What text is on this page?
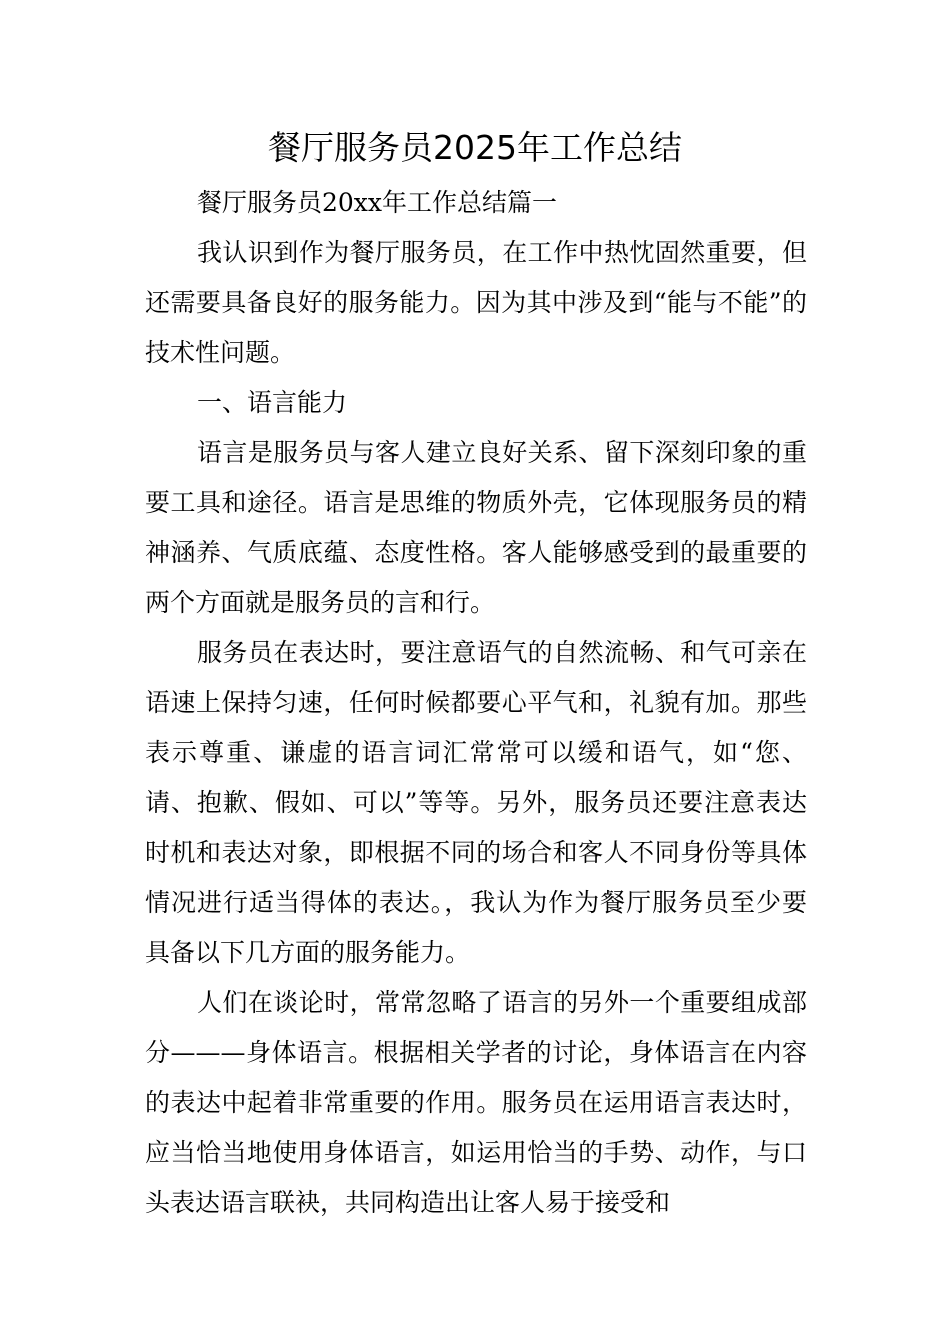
餐厅服务员2025年工作总结

餐厅服务员20xx年工作总结篇一

我认识到作为餐厅服务员，在工作中热忱固然重要，但还需要具备良好的服务能力。因为其中涉及到“能与不能”的技术性问题。

一、语言能力

语言是服务员与客人建立良好关系、留下深刻印象的重要工具和途径。语言是思维的物质外壳，它体现服务员的精神涵养、气质底蕴、态度性格。客人能够感受到的最重要的两个方面就是服务员的言和行。

服务员在表达时，要注意语气的自然流畅、和气可亲在语速上保持匀速，任何时候都要心平气和，礼貌有加。那些表示尊重、谦虚的语言词汇常常可以缓和语气，如“您、请、抱歉、假如、可以”等等。另外，服务员还要注意表达时机和表达对象，即根据不同的场合和客人不同身份等具体情况进行适当得体的表达。，我认为作为餐厅服务员至少要具备以下几方面的服务能力。

人们在谈论时，常常忽略了语言的另外一个重要组成部分———身体语言。根据相关学者的讨论，身体语言在内容的表达中起着非常重要的作用。服务员在运用语言表达时，应当恰当地使用身体语言，如运用恰当的手势、动作，与口头表达语言联袂，共同构造出让客人易于接受和
